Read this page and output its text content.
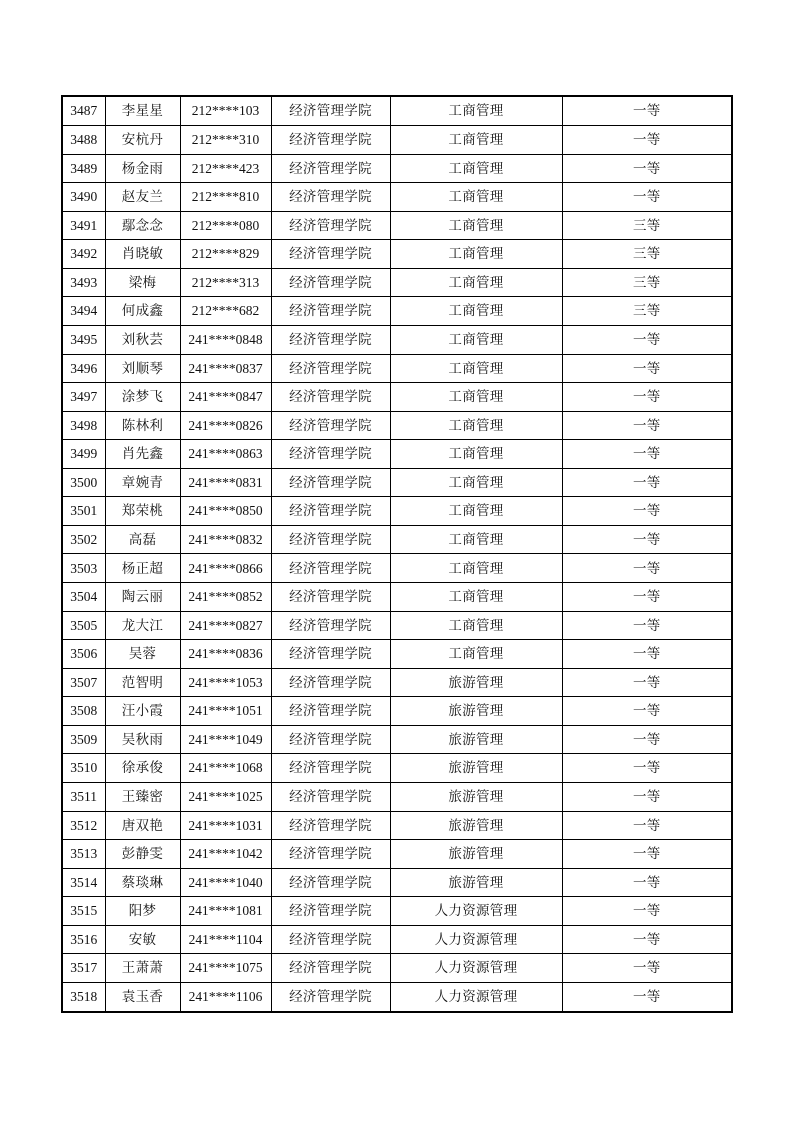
3487	李星星	212****103	经济管理学院	工商管理	一等
3488	安杭丹	212****310	经济管理学院	工商管理	一等
3489	杨金雨	212****423	经济管理学院	工商管理	一等
3490	赵友兰	212****810	经济管理学院	工商管理	一等
3491	鄢念念	212****080	经济管理学院	工商管理	三等
3492	肖晓敏	212****829	经济管理学院	工商管理	三等
3493	梁梅	212****313	经济管理学院	工商管理	三等
3494	何成鑫	212****682	经济管理学院	工商管理	三等
3495	刘秋芸	241****0848	经济管理学院	工商管理	一等
3496	刘顺琴	241****0837	经济管理学院	工商管理	一等
3497	涂梦飞	241****0847	经济管理学院	工商管理	一等
3498	陈林利	241****0826	经济管理学院	工商管理	一等
3499	肖先鑫	241****0863	经济管理学院	工商管理	一等
3500	章婉青	241****0831	经济管理学院	工商管理	一等
3501	郑荣桃	241****0850	经济管理学院	工商管理	一等
3502	高磊	241****0832	经济管理学院	工商管理	一等
3503	杨正超	241****0866	经济管理学院	工商管理	一等
3504	陶云丽	241****0852	经济管理学院	工商管理	一等
3505	龙大江	241****0827	经济管理学院	工商管理	一等
3506	吴蓉	241****0836	经济管理学院	工商管理	一等
3507	范智明	241****1053	经济管理学院	旅游管理	一等
3508	汪小霞	241****1051	经济管理学院	旅游管理	一等
3509	吴秋雨	241****1049	经济管理学院	旅游管理	一等
3510	徐承俊	241****1068	经济管理学院	旅游管理	一等
3511	王臻密	241****1025	经济管理学院	旅游管理	一等
3512	唐双艳	241****1031	经济管理学院	旅游管理	一等
3513	彭静雯	241****1042	经济管理学院	旅游管理	一等
3514	蔡琰琳	241****1040	经济管理学院	旅游管理	一等
3515	阳梦	241****1081	经济管理学院	人力资源管理	一等
3516	安敏	241****1104	经济管理学院	人力资源管理	一等
3517	王萧萧	241****1075	经济管理学院	人力资源管理	一等
3518	袁玉香	241****1106	经济管理学院	人力资源管理	一等
